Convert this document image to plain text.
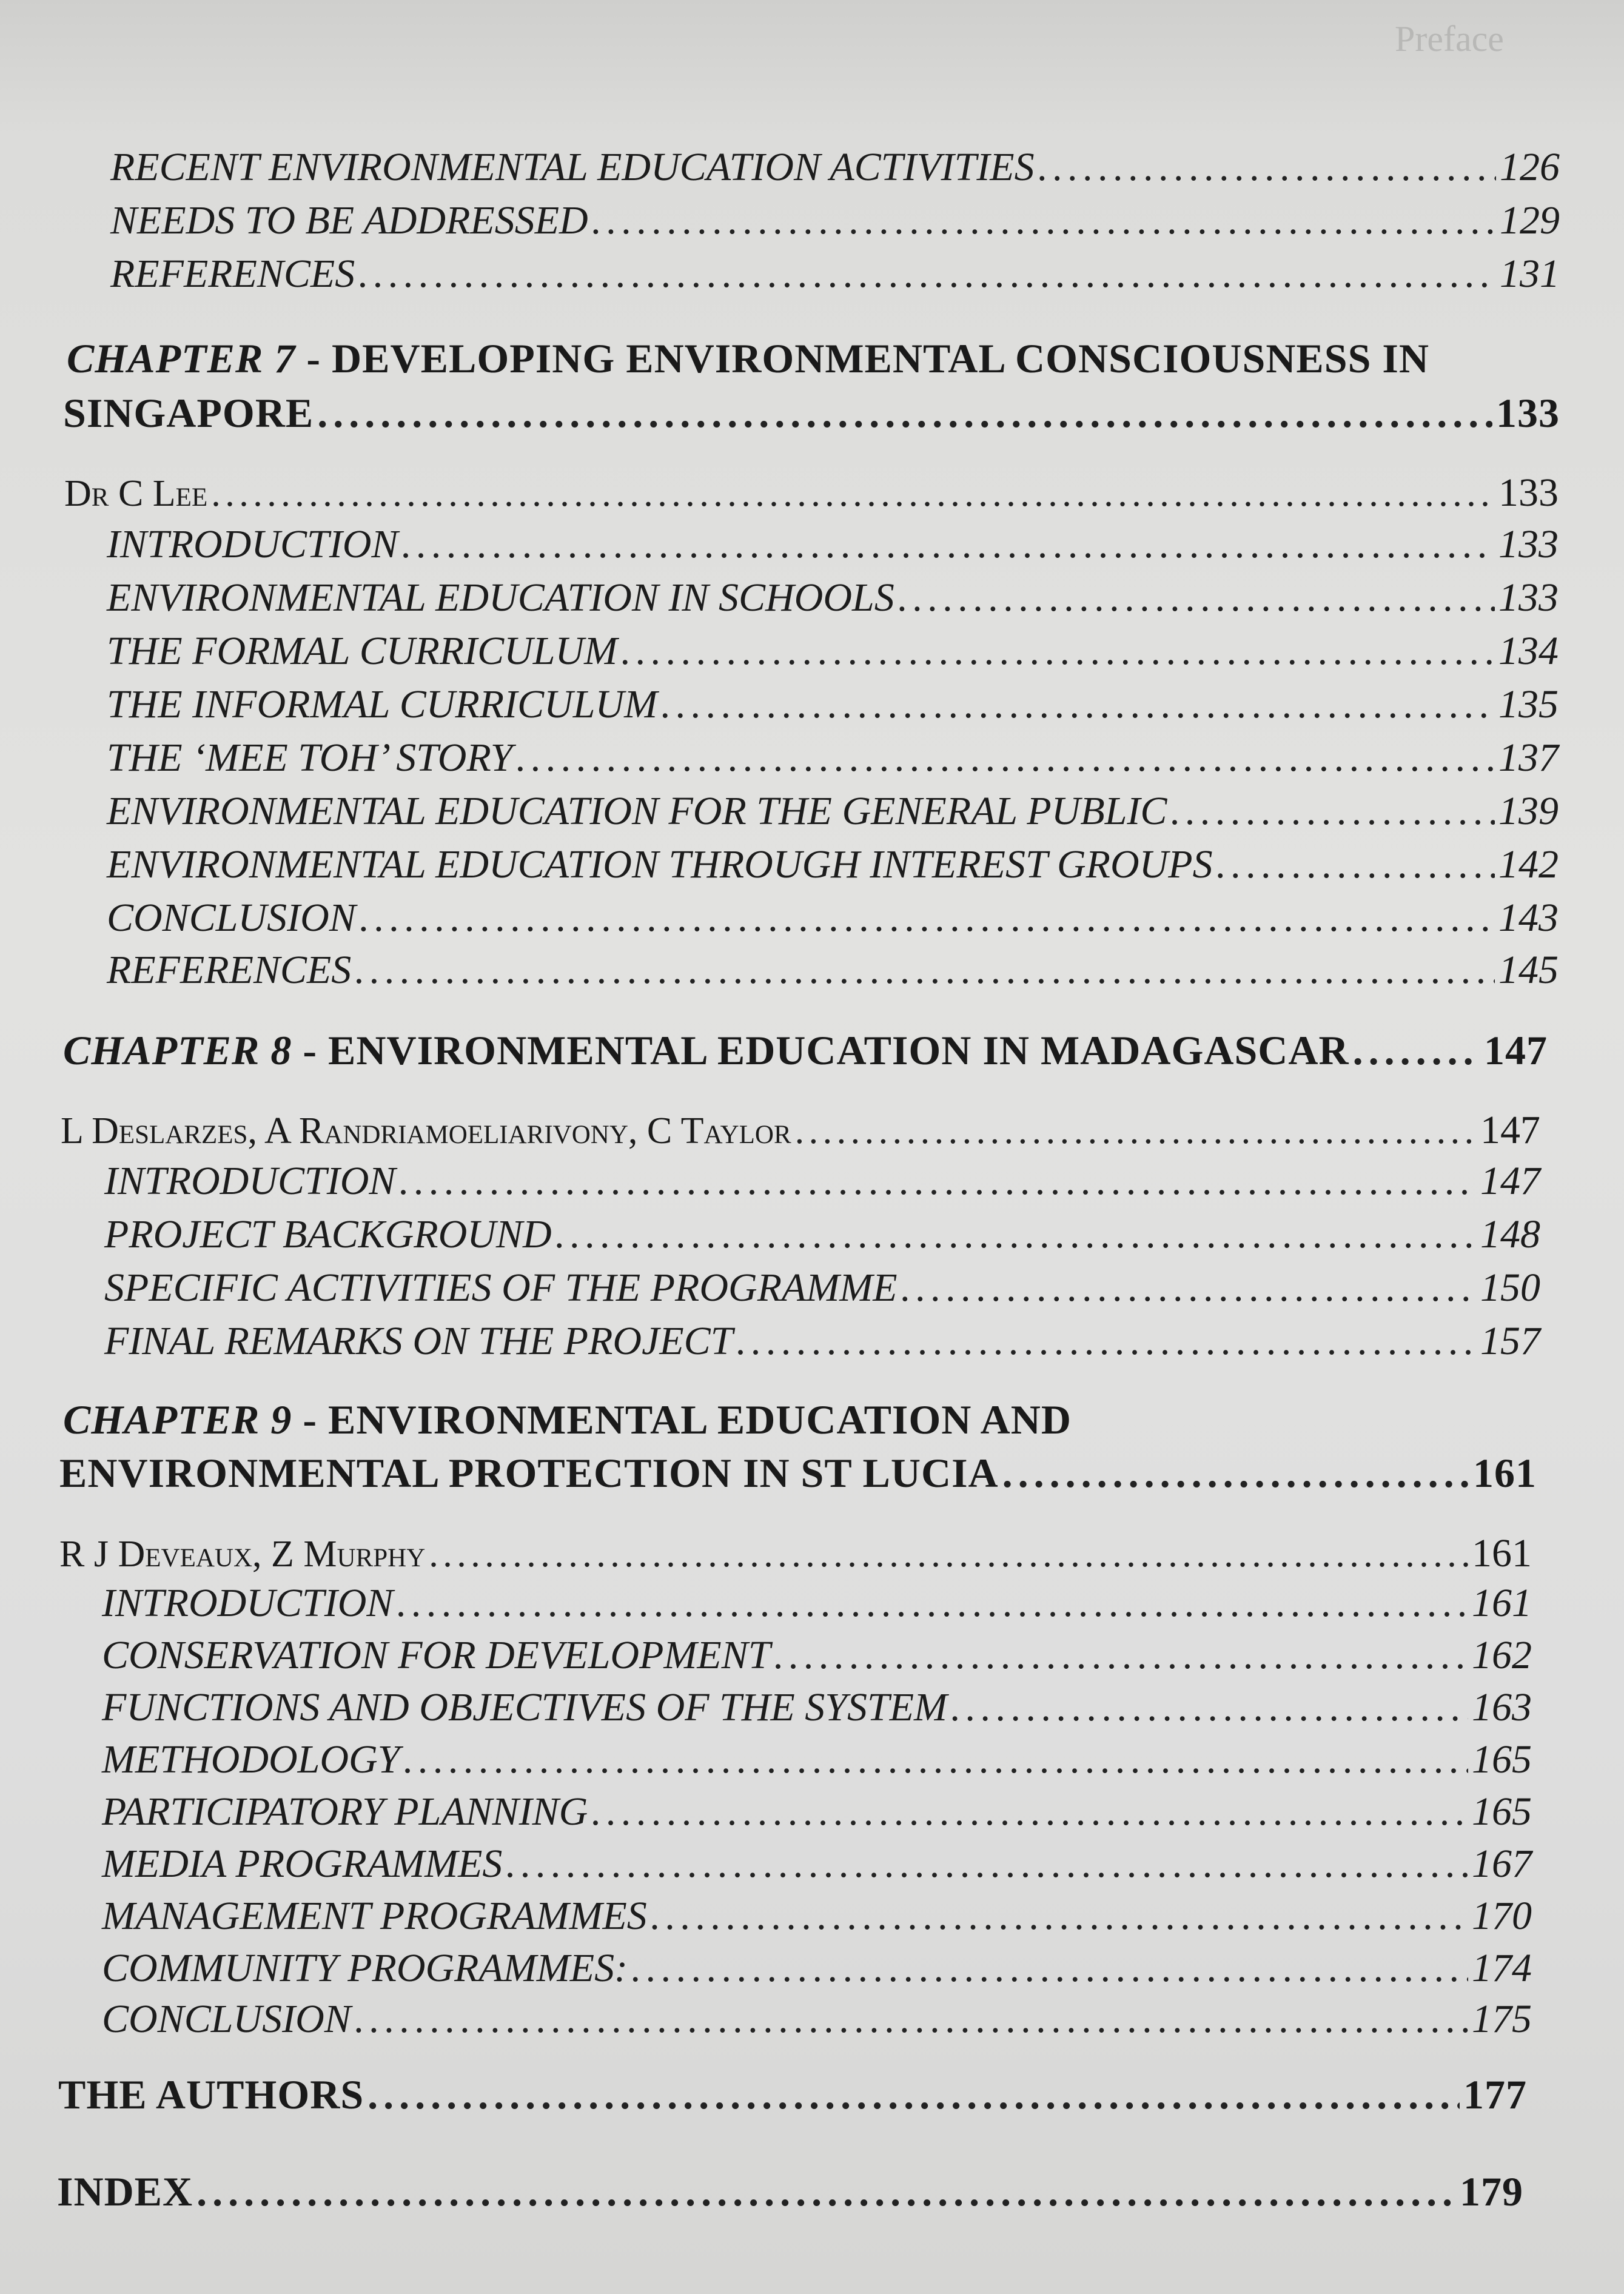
Preface
RECENT ENVIRONMENTAL EDUCATION ACTIVITIES . . .	126
NEEDS TO BE ADDRESSED . . .	129
REFERENCES . . .	131
CHAPTER 7 - DEVELOPING ENVIRONMENTAL CONSCIOUSNESS IN
SINGAPORE . . .	133
Dr C Lee . . .	133
INTRODUCTION . . .	133
ENVIRONMENTAL EDUCATION IN SCHOOLS . . .	133
THE FORMAL CURRICULUM . . .	134
THE INFORMAL CURRICULUM . . .	135
THE ‘MEE TOH’ STORY . . .	137
ENVIRONMENTAL EDUCATION FOR THE GENERAL PUBLIC . . .	139
ENVIRONMENTAL EDUCATION THROUGH INTEREST GROUPS . . .	142
CONCLUSION . . .	143
REFERENCES . . .	145
CHAPTER 8 - ENVIRONMENTAL EDUCATION IN MADAGASCAR . . .	147
L Deslarzes, A Randriamoeliarivony, C Taylor . . .	147
INTRODUCTION . . .	147
PROJECT BACKGROUND . . .	148
SPECIFIC ACTIVITIES OF THE PROGRAMME . . .	150
FINAL REMARKS ON THE PROJECT . . .	157
CHAPTER 9 - ENVIRONMENTAL EDUCATION AND
ENVIRONMENTAL PROTECTION IN ST LUCIA . . .	161
R J Deveaux, Z Murphy . . .	161
INTRODUCTION . . .	161
CONSERVATION FOR DEVELOPMENT . . .	162
FUNCTIONS AND OBJECTIVES OF THE SYSTEM . . .	163
METHODOLOGY . . .	165
PARTICIPATORY PLANNING . . .	165
MEDIA PROGRAMMES . . .	167
MANAGEMENT PROGRAMMES . . .	170
COMMUNITY PROGRAMMES: . . .	174
CONCLUSION . . .	175
THE AUTHORS . . .	177
INDEX . . .	179
